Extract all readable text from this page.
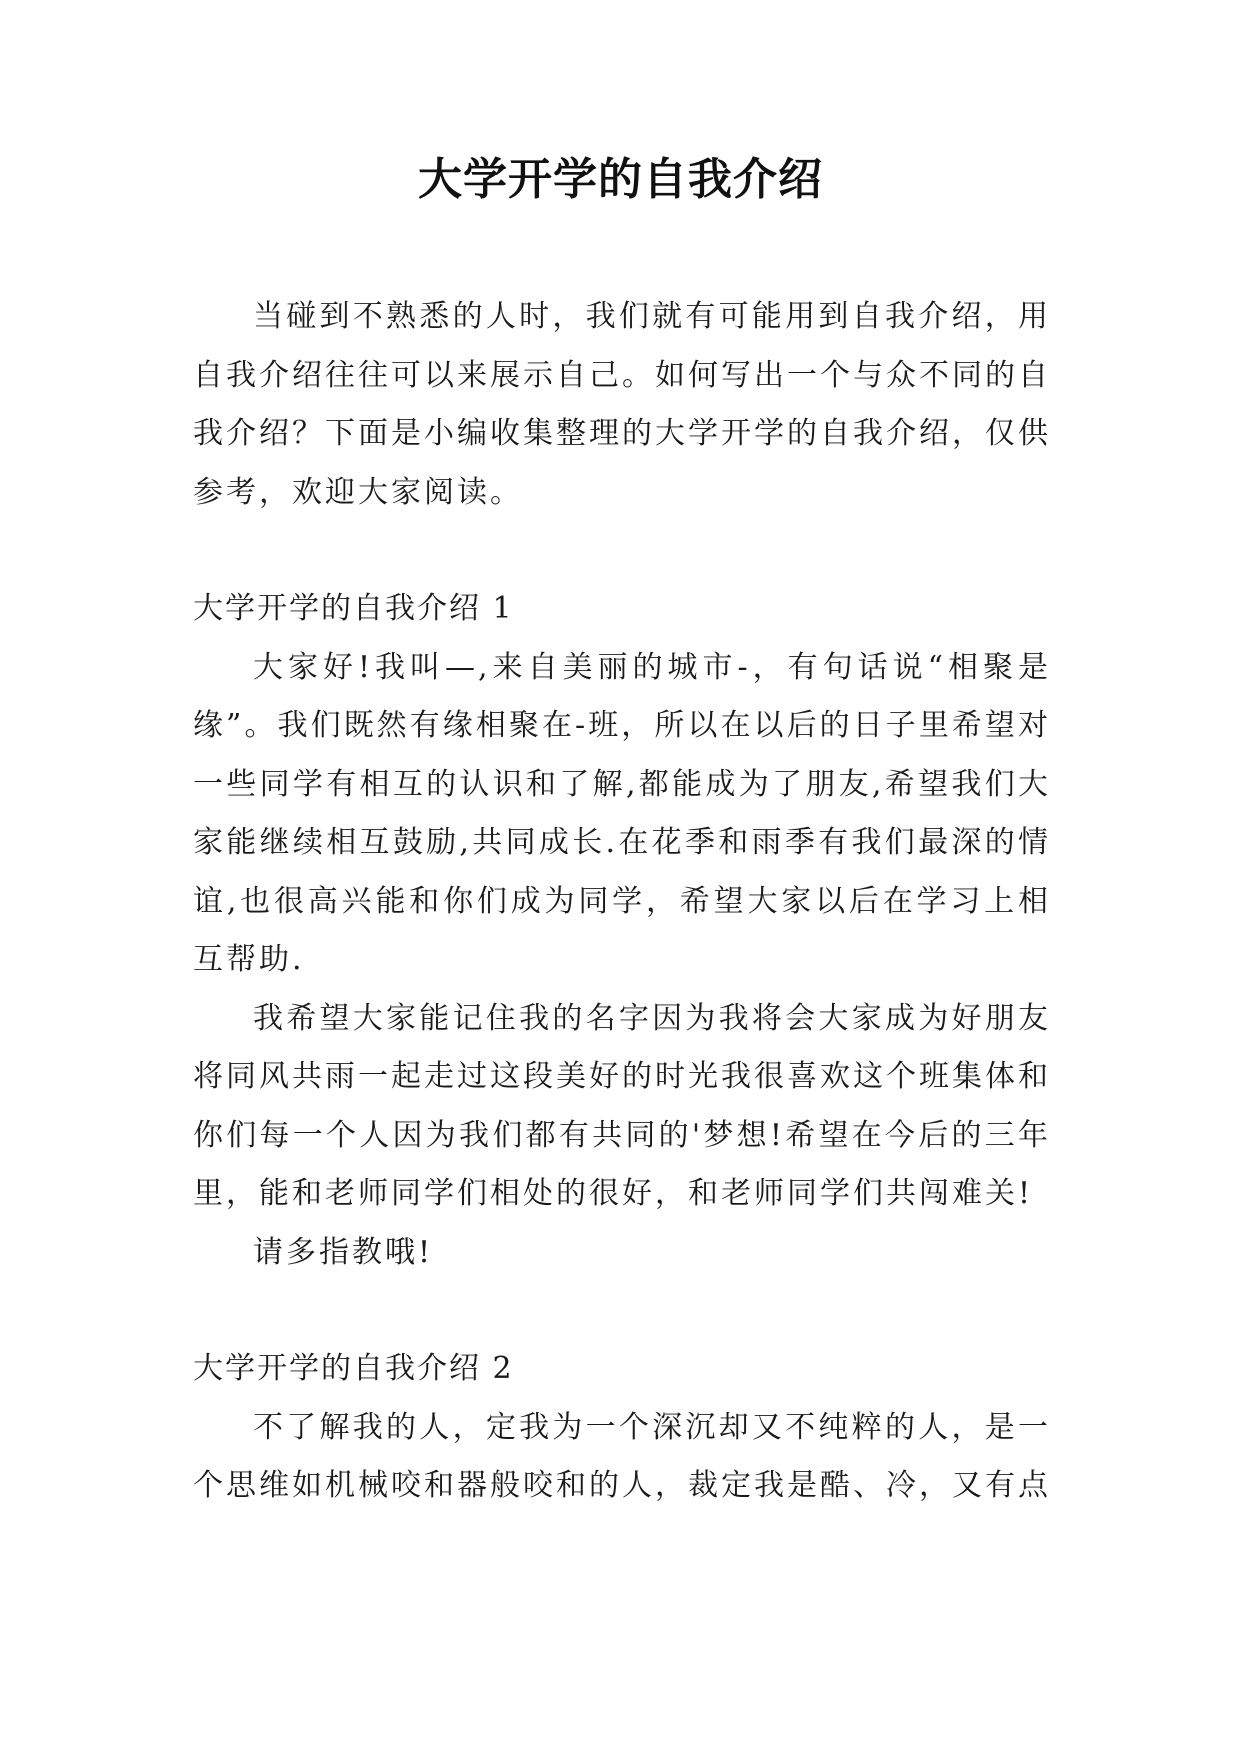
大学开学的自我介绍

当碰到不熟悉的人时，我们就有可能用到自我介绍，用自我介绍往往可以来展示自己。如何写出一个与众不同的自我介绍？下面是小编收集整理的大学开学的自我介绍，仅供参考，欢迎大家阅读。

大学开学的自我介绍 1

大家好!我叫—,来自美丽的城市-，有句话说“相聚是缘”。我们既然有缘相聚在-班，所以在以后的日子里希望对一些同学有相互的认识和了解,都能成为了朋友,希望我们大家能继续相互鼓励,共同成长.在花季和雨季有我们最深的情谊,也很高兴能和你们成为同学，希望大家以后在学习上相互帮助.

我希望大家能记住我的名字因为我将会大家成为好朋友将同风共雨一起走过这段美好的时光我很喜欢这个班集体和你们每一个人因为我们都有共同的'梦想!希望在今后的三年里，能和老师同学们相处的很好，和老师同学们共闯难关!

请多指教哦!

大学开学的自我介绍 2

不了解我的人，定我为一个深沉却又不纯粹的人，是一个思维如机械咬和器般咬和的人，裁定我是酷、冷，又有点
